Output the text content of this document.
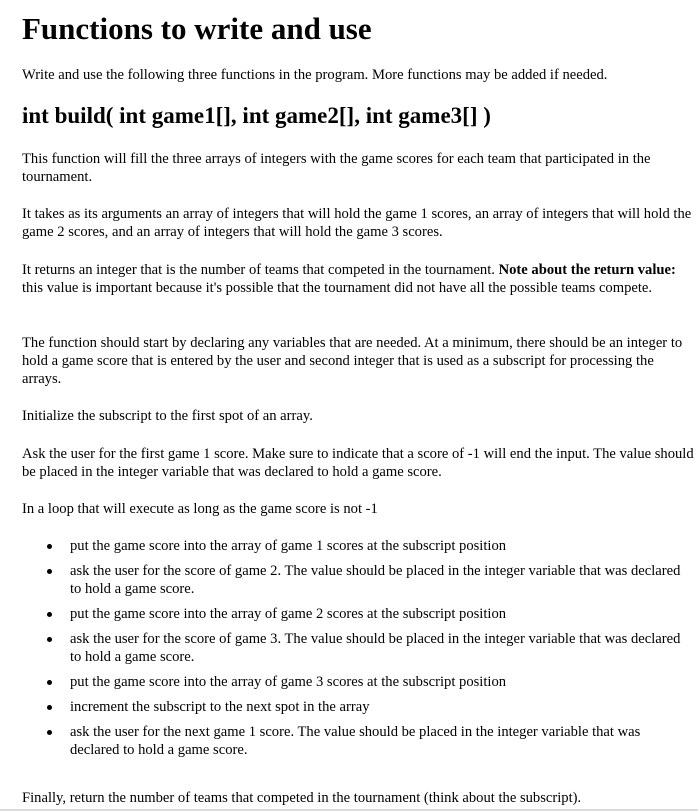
Functions to write and use

Write and use the following three functions in the program. More functions may be added if needed.

int build( int game1[], int game2[], int game3[] )

This function will fill the three arrays of integers with the game scores for each team that participated in the tournament.

It takes as its arguments an array of integers that will hold the game 1 scores, an array of integers that will hold the game 2 scores, and an array of integers that will hold the game 3 scores.

It returns an integer that is the number of teams that competed in the tournament. Note about the return value: this value is important because it's possible that the tournament did not have all the possible teams compete.

The function should start by declaring any variables that are needed. At a minimum, there should be an integer to hold a game score that is entered by the user and second integer that is used as a subscript for processing the arrays.

Initialize the subscript to the first spot of an array.

Ask the user for the first game 1 score. Make sure to indicate that a score of -1 will end the input. The value should be placed in the integer variable that was declared to hold a game score.

In a loop that will execute as long as the game score is not -1

put the game score into the array of game 1 scores at the subscript position
ask the user for the score of game 2. The value should be placed in the integer variable that was declared to hold a game score.
put the game score into the array of game 2 scores at the subscript position
ask the user for the score of game 3. The value should be placed in the integer variable that was declared to hold a game score.
put the game score into the array of game 3 scores at the subscript position
increment the subscript to the next spot in the array
ask the user for the next game 1 score. The value should be placed in the integer variable that was declared to hold a game score.

Finally, return the number of teams that competed in the tournament (think about the subscript).
